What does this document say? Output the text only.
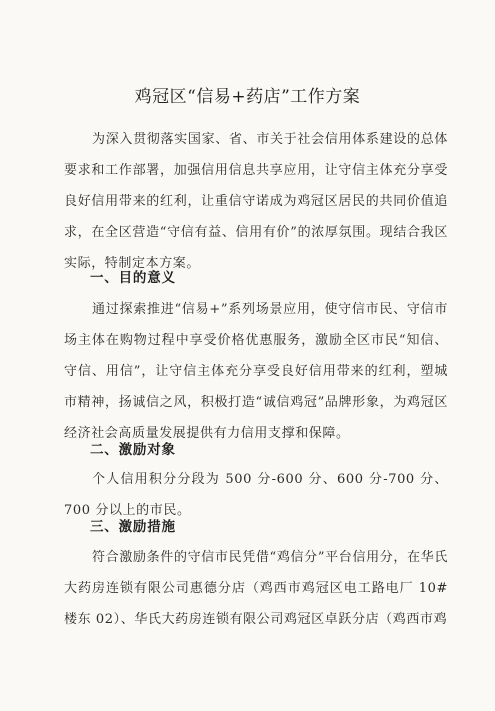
鸡冠区“信易+药店”工作方案

为深入贯彻落实国家、省、市关于社会信用体系建设的总体要求和工作部署，加强信用信息共享应用，让守信主体充分享受良好信用带来的红利，让重信守诺成为鸡冠区居民的共同价值追求，在全区营造“守信有益、信用有价”的浓厚氛围。现结合我区实际，特制定本方案。

一、目的意义

通过探索推进“信易+”系列场景应用，使守信市民、守信市场主体在购物过程中享受价格优惠服务，激励全区市民“知信、守信、用信”，让守信主体充分享受良好信用带来的红利，塑城市精神，扬诚信之风，积极打造“诚信鸡冠”品牌形象，为鸡冠区经济社会高质量发展提供有力信用支撑和保障。

二、激励对象

个人信用积分分段为 500 分-600 分、600 分-700 分、700 分以上的市民。

三、激励措施

符合激励条件的守信市民凭借“鸡信分”平台信用分，在华氏大药房连锁有限公司惠德分店（鸡西市鸡冠区电工路电厂 10#楼东 02）、华氏大药房连锁有限公司鸡冠区卓跃分店（鸡西市鸡
